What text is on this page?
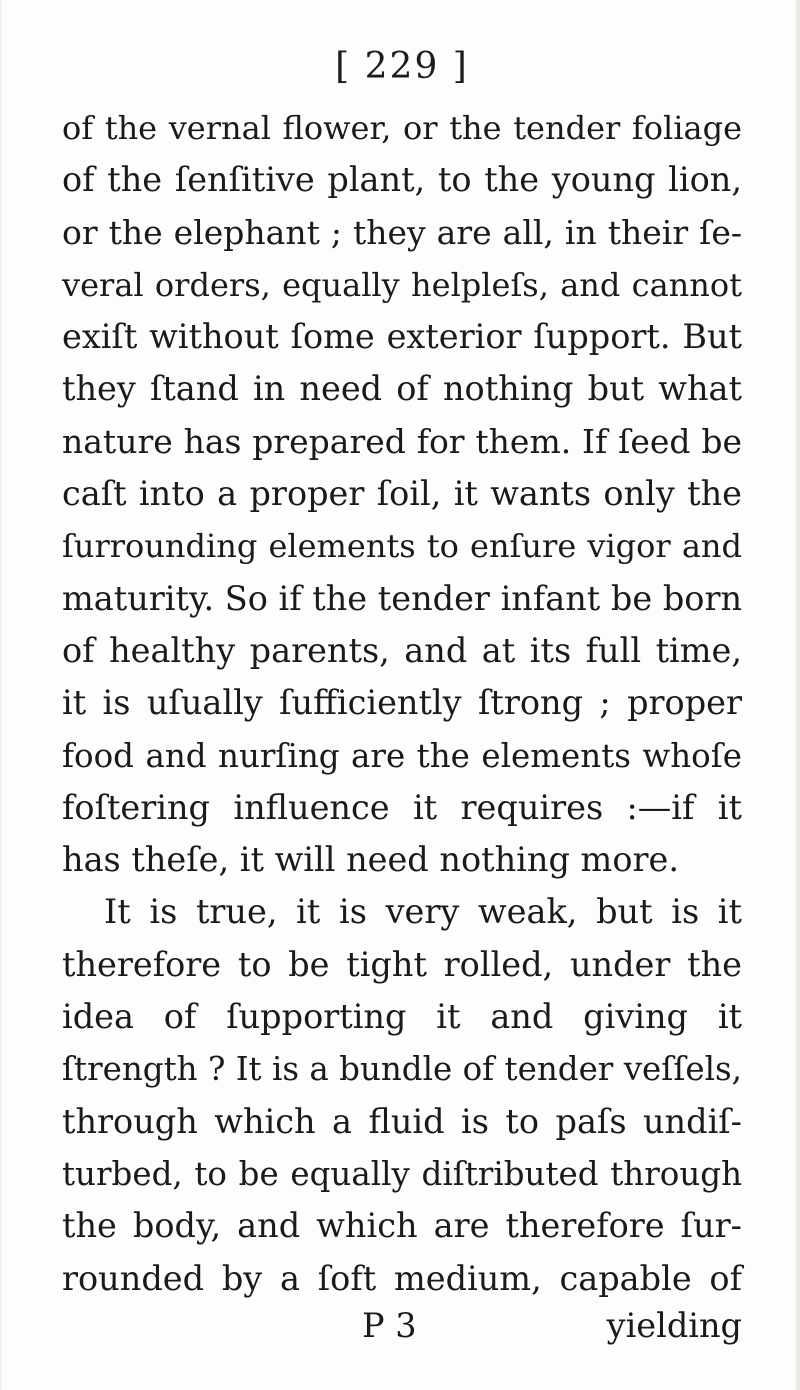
[ 229 ]
of the vernal flower, or the tender foliage
of the ſenſitive plant, to the young lion,
or the elephant ; they are all, in their ſe-
veral orders, equally helpleſs, and cannot
exiſt without ſome exterior ſupport. But
they ſtand in need of nothing but what
nature has prepared for them. If ſeed be
caſt into a proper ſoil, it wants only the
ſurrounding elements to enſure vigor and
maturity. So if the tender infant be born
of healthy parents, and at its full time,
it is uſually ſufficiently ſtrong ; proper
food and nurſing are the elements whoſe
foſtering influence it requires :—if it
has theſe, it will need nothing more.
It is true, it is very weak, but is it
therefore to be tight rolled, under the
idea of ſupporting it and giving it
ſtrength ? It is a bundle of tender veſſels,
through which a fluid is to paſs undiſ-
turbed, to be equally diſtributed through
the body, and which are therefore ſur-
rounded by a ſoft medium, capable of
P 3	yielding
